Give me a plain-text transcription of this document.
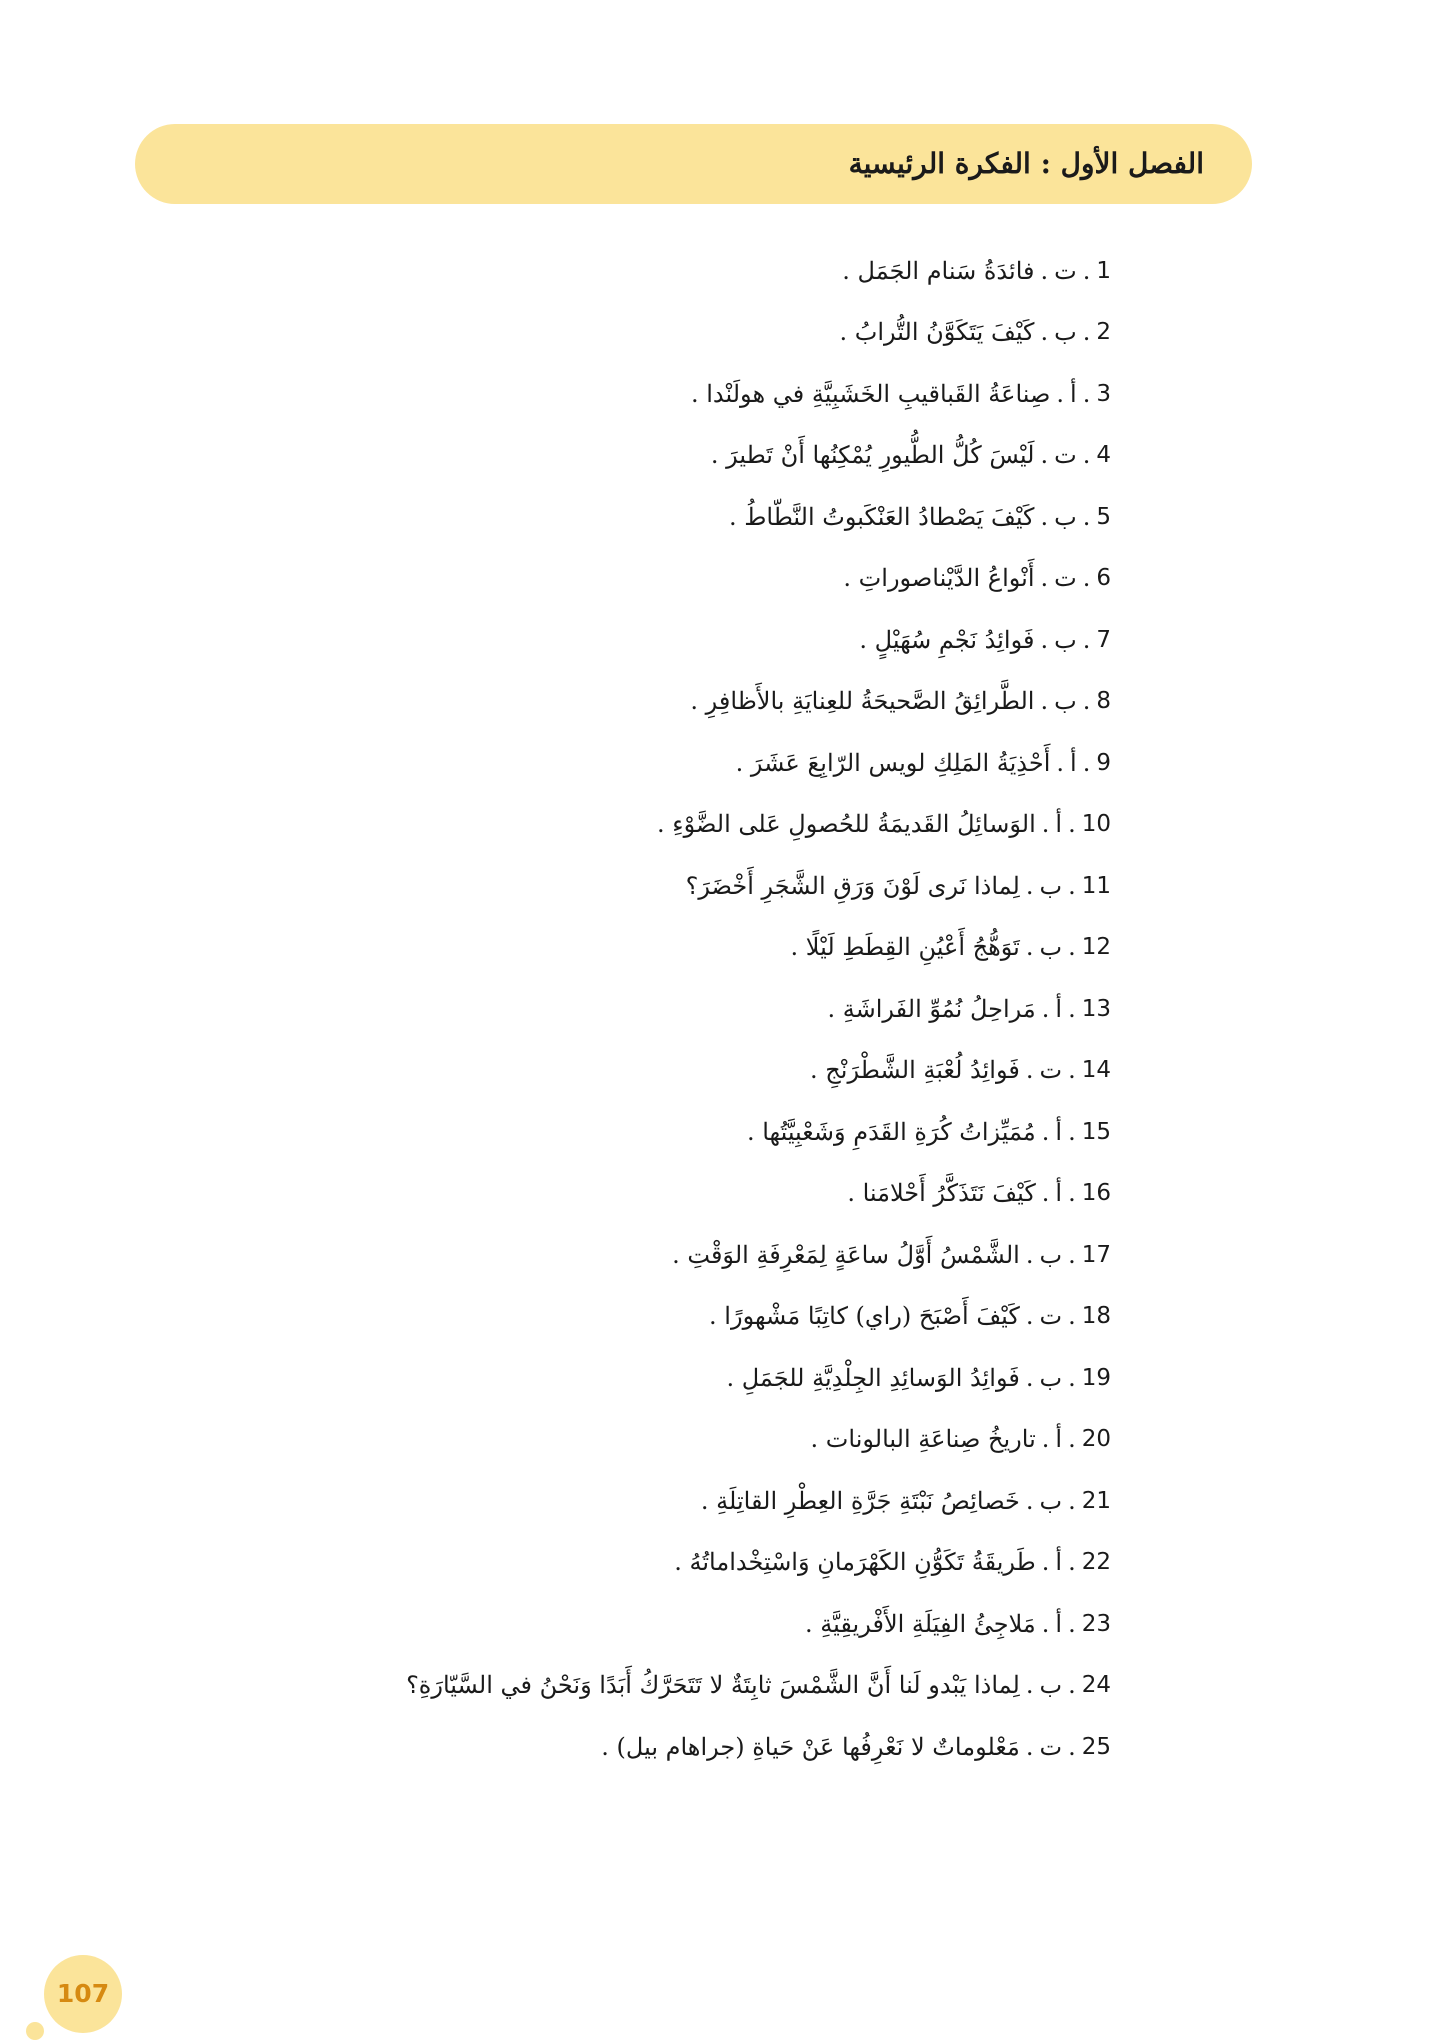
الفصل الأول : الفكرة الرئيسية
1
.
ت
.
فائدَةُ سَنام الجَمَل .
2
.
ب
.
كَيْفَ يَتَكَوَّنُ التُّرابُ .
3
.
أ
.
صِناعَةُ القَباقيبِ الخَشَبِيَّةِ في هولَنْدا .
4
.
ت
.
لَيْسَ كُلُّ الطُّيورِ يُمْكِنُها أَنْ تَطيرَ .
5
.
ب
.
كَيْفَ يَصْطادُ العَنْكَبوتُ النَّطّاطُ .
6
.
ت
.
أَنْواعُ الدَّيْناصوراتِ .
7
.
ب
.
فَوائِدُ نَجْمِ سُهَيْلٍ .
8
.
ب
.
الطَّرائِقُ الصَّحيحَةُ للعِنايَةِ بالأَظافِرِ .
9
.
أ
.
أَحْذِيَةُ المَلِكِ لويس الرّابِعَ عَشَرَ .
10
.
أ
.
الوَسائِلُ القَديمَةُ للحُصولِ عَلى الضَّوْءِ .
11
.
ب
.
لِماذا نَرى لَوْنَ وَرَقِ الشَّجَرِ أَخْضَرَ؟
12
.
ب
.
تَوَهُّجُ أَعْيُنِ القِطَطِ لَيْلًا .
13
.
أ
.
مَراحِلُ نُمُوِّ الفَراشَةِ .
14
.
ت
.
فَوائِدُ لُعْبَةِ الشَّطْرَنْجِ .
15
.
أ
.
مُمَيِّزاتُ كُرَةِ القَدَمِ وَشَعْبِيَّتُها .
16
.
أ
.
كَيْفَ نَتَذَكَّرُ أَحْلامَنا .
17
.
ب
.
الشَّمْسُ أَوَّلُ ساعَةٍ لِمَعْرِفَةِ الوَقْتِ .
18
.
ت
.
كَيْفَ أَصْبَحَ (راي) كاتِبًا مَشْهورًا .
19
.
ب
.
فَوائِدُ الوَسائِدِ الجِلْدِيَّةِ للجَمَلِ .
20
.
أ
.
تاريخُ صِناعَةِ البالونات .
21
.
ب
.
خَصائِصُ نَبْتَةِ جَرَّةِ العِطْرِ القاتِلَةِ .
22
.
أ
.
طَريقَةُ تَكَوُّنِ الكَهْرَمانِ وَاسْتِخْداماتُهُ .
23
.
أ
.
مَلاجِئُ الفِيَلَةِ الأَفْريقِيَّةِ .
24
.
ب
.
لِماذا يَبْدو لَنا أَنَّ الشَّمْسَ ثابِتَةٌ لا تَتَحَرَّكُ أَبَدًا وَنَحْنُ في السَّيّارَةِ؟
25
.
ت
.
مَعْلوماتٌ لا نَعْرِفُها عَنْ حَياةِ (جراهام بيل) .
107
